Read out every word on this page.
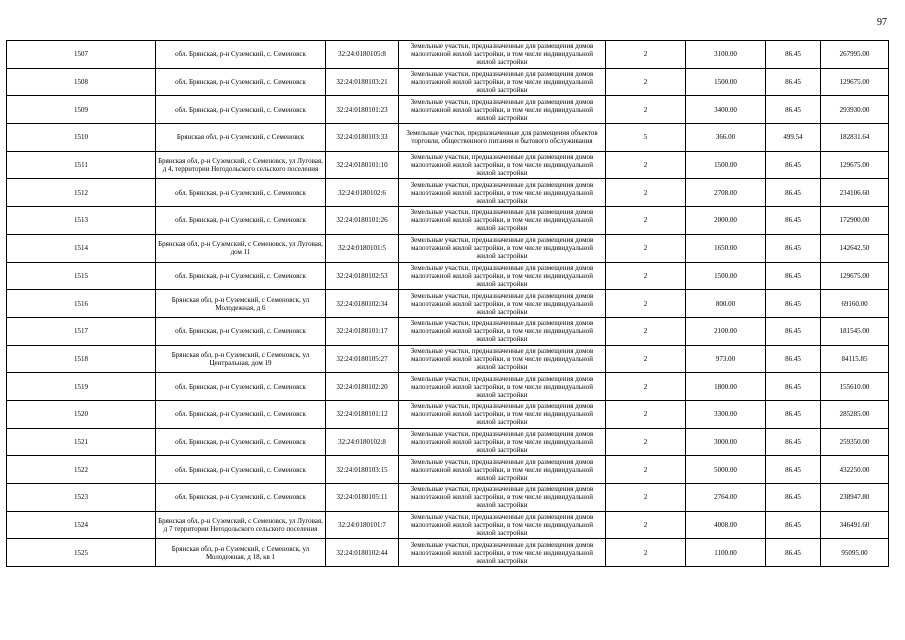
97
1507	обл. Брянская, р-н Суземский, с. Семеновск	32:24:0180105:8	Земельные участки, предназначенные для размещения домов малоэтажной жилой застройки, в том числе индивидуальной жилой застройки	2	3100.00	86.45	267995.00
1508	обл. Брянская, р-н Суземский, с. Семеновск	32:24:0180103:21	Земельные участки, предназначенные для размещения домов малоэтажной жилой застройки, в том числе индивидуальной жилой застройки	2	1500.00	86.45	129675.00
1509	обл. Брянская, р-н Суземский, с. Семеновск	32:24:0180101:23	Земельные участки, предназначенные для размещения домов малоэтажной жилой застройки, в том числе индивидуальной жилой застройки	2	3400.00	86.45	293930.00
1510	Брянская обл, р-н Суземский, с Семеновск	32:24:0180103:33	Земельные участки, предназначенные для размещения объектов торговли, общественного питания и бытового обслуживания	5	366.00	499.54	182831.64
1511	Брянская обл, р-н Суземский, с Семеновск, ул Луговая, д 4, территории Негодольского сельского поселения	32:24:0180101:10	Земельные участки, предназначенные для размещения домов малоэтажной жилой застройки, в том числе индивидуальной жилой застройки	2	1500.00	86.45	129675.00
1512	обл. Брянская, р-н Суземский, с. Семеновск	32:24:0180102:6	Земельные участки, предназначенные для размещения домов малоэтажной жилой застройки, в том числе индивидуальной жилой застройки	2	2708.00	86.45	234106.60
1513	обл. Брянская, р-н Суземский, с. Семеновск	32:24:0180101:26	Земельные участки, предназначенные для размещения домов малоэтажной жилой застройки, в том числе индивидуальной жилой застройки	2	2000.00	86.45	172900.00
1514	Брянская обл, р-н Суземский, с Семеновск, ул Луговая, дом 11	32:24:0180101:5	Земельные участки, предназначенные для размещения домов малоэтажной жилой застройки, в том числе индивидуальной жилой застройки	2	1650.00	86.45	142642.50
1515	обл. Брянская, р-н Суземский, с. Семеновск	32:24:0180102:53	Земельные участки, предназначенные для размещения домов малоэтажной жилой застройки, в том числе индивидуальной жилой застройки	2	1500.00	86.45	129675.00
1516	Брянская обл, р-н Суземский, с Семеновск, ул Молодежная, д 6	32:24:0180102:34	Земельные участки, предназначенные для размещения домов малоэтажной жилой застройки, в том числе индивидуальной жилой застройки	2	800.00	86.45	69160.00
1517	обл. Брянская, р-н Суземский, с. Семеновск	32:24:0180101:17	Земельные участки, предназначенные для размещения домов малоэтажной жилой застройки, в том числе индивидуальной жилой застройки	2	2100.00	86.45	181545.00
1518	Брянская обл, р-н Суземский, с Семеновск, ул Центральная, дом 19	32:24:0180105:27	Земельные участки, предназначенные для размещения домов малоэтажной жилой застройки, в том числе индивидуальной жилой застройки	2	973.00	86.45	84115.85
1519	обл. Брянская, р-н Суземский, с. Семеновск	32:24:0180102:20	Земельные участки, предназначенные для размещения домов малоэтажной жилой застройки, в том числе индивидуальной жилой застройки	2	1800.00	86.45	155610.00
1520	обл. Брянская, р-н Суземский, с. Семеновск	32:24:0180101:12	Земельные участки, предназначенные для размещения домов малоэтажной жилой застройки, в том числе индивидуальной жилой застройки	2	3300.00	86.45	285285.00
1521	обл. Брянская, р-н Суземский, с. Семеновск	32:24:0180102:8	Земельные участки, предназначенные для размещения домов малоэтажной жилой застройки, в том числе индивидуальной жилой застройки	2	3000.00	86.45	259350.00
1522	обл. Брянская, р-н Суземский, с. Семеновск	32:24:0180103:15	Земельные участки, предназначенные для размещения домов малоэтажной жилой застройки, в том числе индивидуальной жилой застройки	2	5000.00	86.45	432250.00
1523	обл. Брянская, р-н Суземский, с. Семеновск	32:24:0180105:11	Земельные участки, предназначенные для размещения домов малоэтажной жилой застройки, в том числе индивидуальной жилой застройки	2	2764.00	86.45	238947.80
1524	Брянская обл, р-н Суземский, с Семеновск, ул Луговая, д 7 территории Негодольского сельского поселения	32:24:0180101:7	Земельные участки, предназначенные для размещения домов малоэтажной жилой застройки, в том числе индивидуальной жилой застройки	2	4008.00	86.45	346491.60
1525	Брянская обл, р-н Суземский, с Семеновск, ул Молодежная, д 18, кв 1	32:24:0180102:44	Земельные участки, предназначенные для размещения домов малоэтажной жилой застройки, в том числе индивидуальной жилой застройки	2	1100.00	86.45	95095.00
